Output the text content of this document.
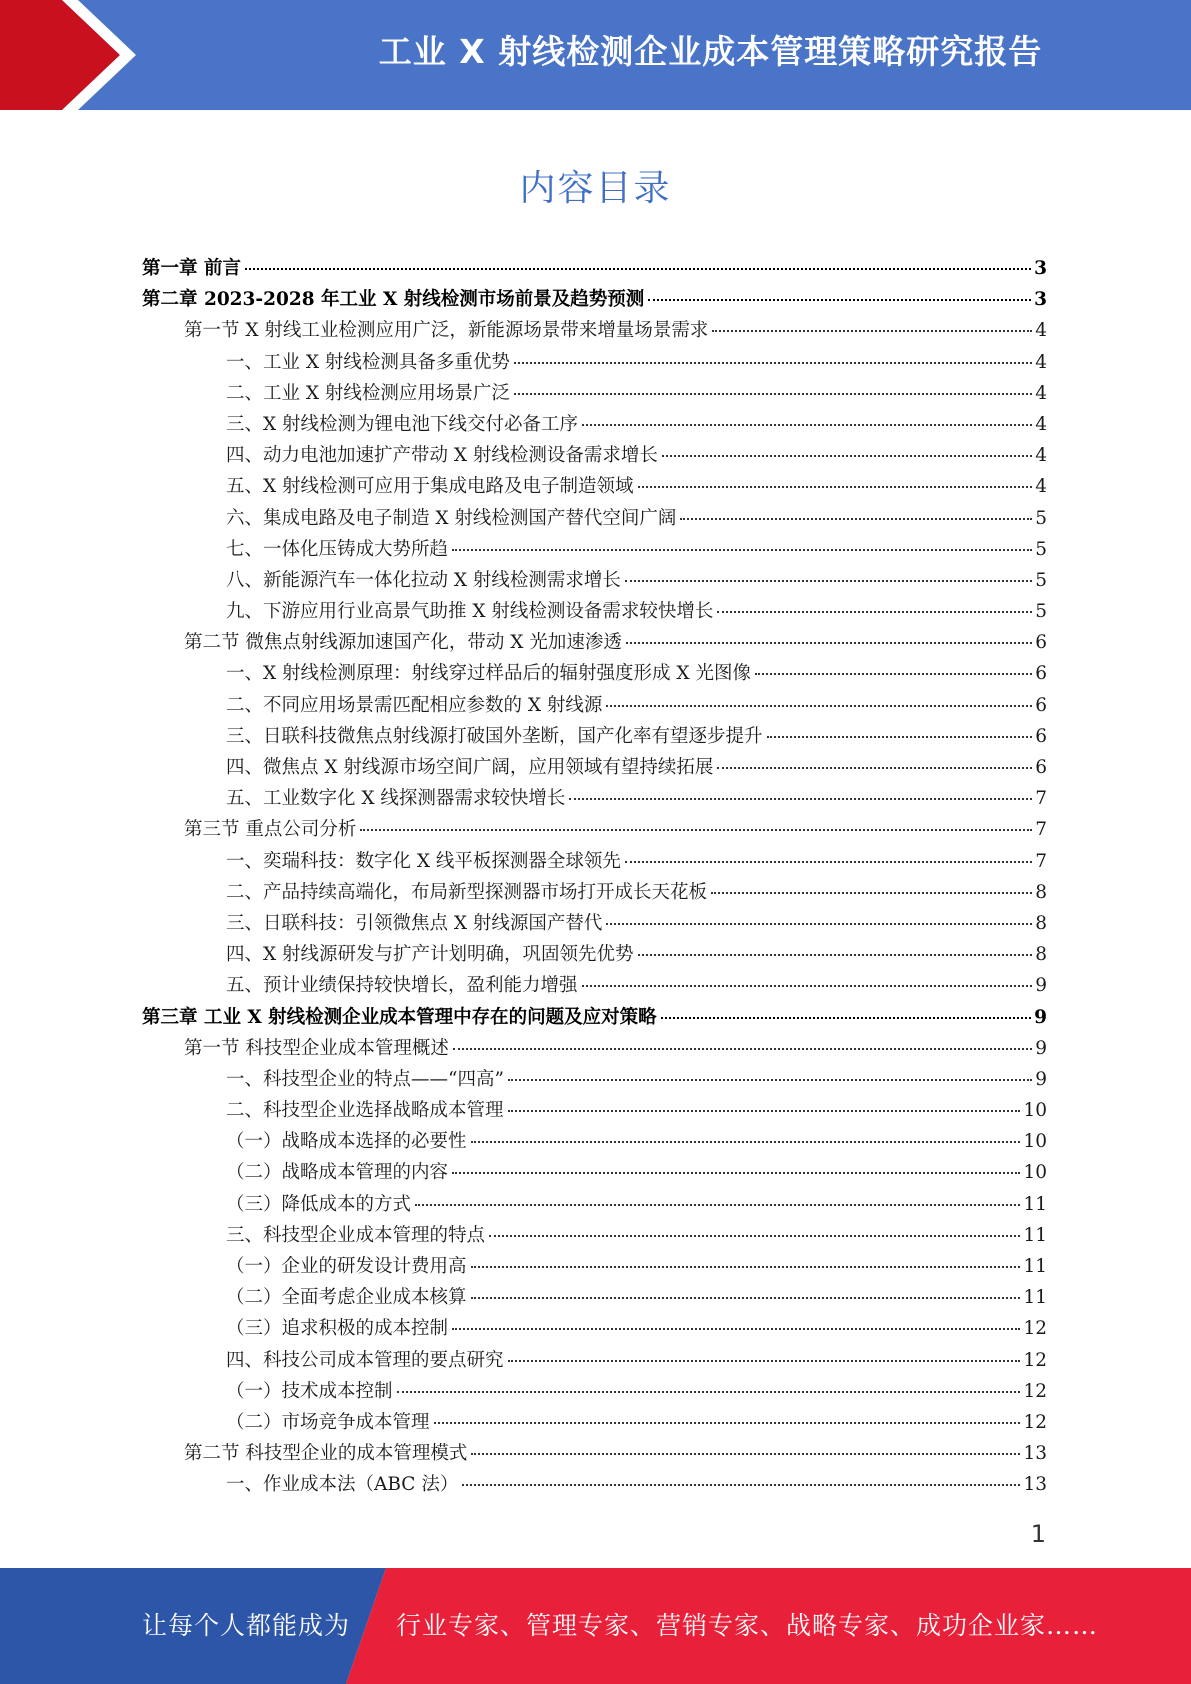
工业 X 射线检测企业成本管理策略研究报告
内容目录
第一章 前言	3
第二章 2023-2028 年工业 X 射线检测市场前景及趋势预测	3
第一节 X 射线工业检测应用广泛，新能源场景带来增量场景需求	4
一、工业 X 射线检测具备多重优势	4
二、工业 X 射线检测应用场景广泛	4
三、X 射线检测为锂电池下线交付必备工序	4
四、动力电池加速扩产带动 X 射线检测设备需求增长	4
五、X 射线检测可应用于集成电路及电子制造领域	4
六、集成电路及电子制造 X 射线检测国产替代空间广阔	5
七、一体化压铸成大势所趋	5
八、新能源汽车一体化拉动 X 射线检测需求增长	5
九、下游应用行业高景气助推 X 射线检测设备需求较快增长	5
第二节 微焦点射线源加速国产化，带动 X 光加速渗透	6
一、X 射线检测原理：射线穿过样品后的辐射强度形成 X 光图像	6
二、不同应用场景需匹配相应参数的 X 射线源	6
三、日联科技微焦点射线源打破国外垄断，国产化率有望逐步提升	6
四、微焦点 X 射线源市场空间广阔，应用领域有望持续拓展	6
五、工业数字化 X 线探测器需求较快增长	7
第三节 重点公司分析	7
一、奕瑞科技：数字化 X 线平板探测器全球领先	7
二、产品持续高端化，布局新型探测器市场打开成长天花板	8
三、日联科技：引领微焦点 X 射线源国产替代	8
四、X 射线源研发与扩产计划明确，巩固领先优势	8
五、预计业绩保持较快增长，盈利能力增强	9
第三章 工业 X 射线检测企业成本管理中存在的问题及应对策略	9
第一节 科技型企业成本管理概述	9
一、科技型企业的特点——“四高”	9
二、科技型企业选择战略成本管理	10
（一）战略成本选择的必要性	10
（二）战略成本管理的内容	10
（三）降低成本的方式	11
三、科技型企业成本管理的特点	11
（一）企业的研发设计费用高	11
（二）全面考虑企业成本核算	11
（三）追求积极的成本控制	12
四、科技公司成本管理的要点研究	12
（一）技术成本控制	12
（二）市场竞争成本管理	12
第二节 科技型企业的成本管理模式	13
一、作业成本法（ABC 法）	13
1
让每个人都能成为 行业专家、管理专家、营销专家、战略专家、成功企业家……
